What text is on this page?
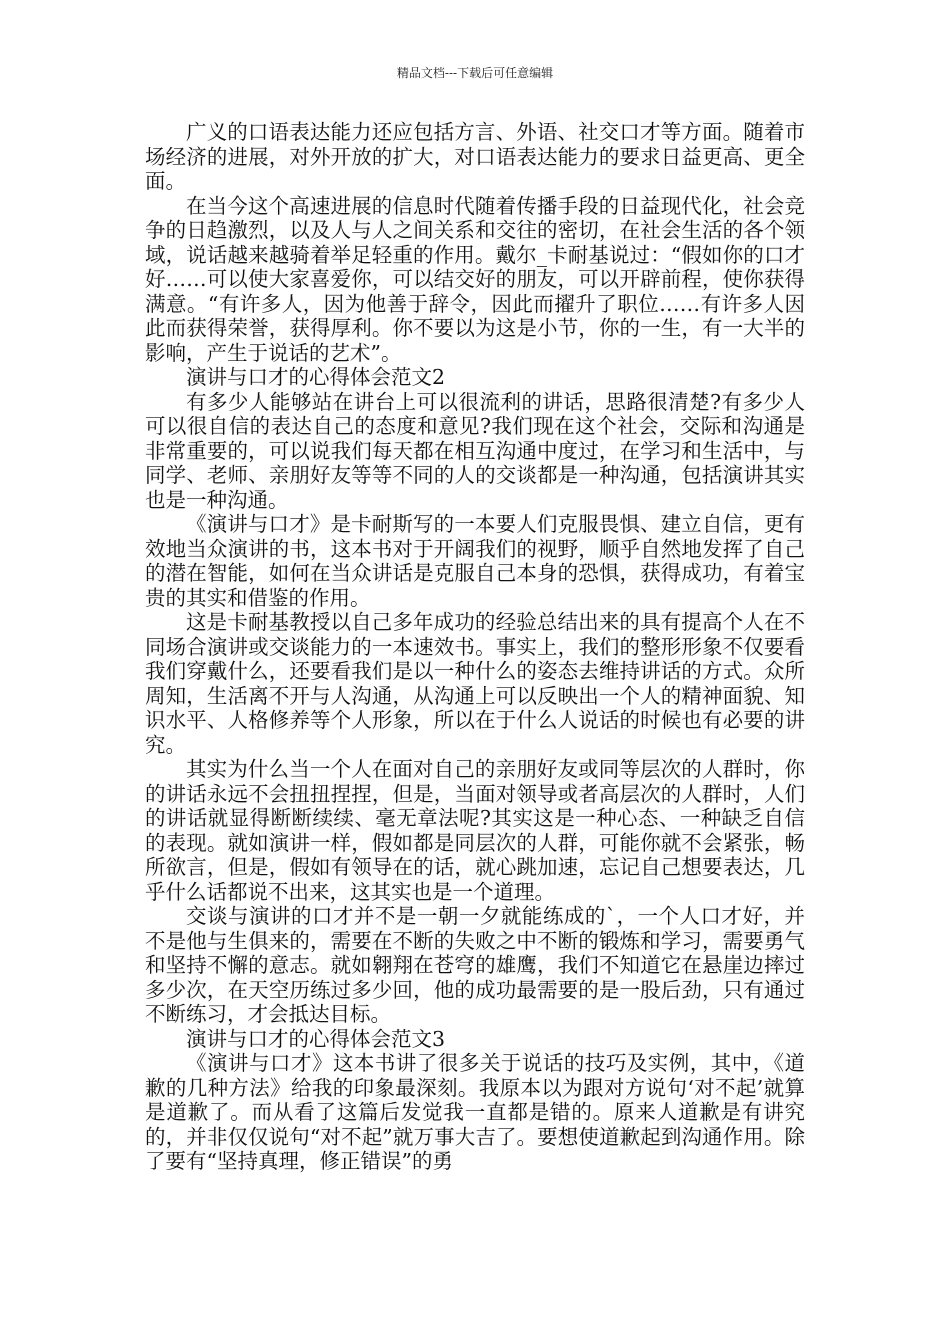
精品文档---下载后可任意编辑

广义的口语表达能力还应包括方言、外语、社交口才等方面。随着市场经济的进展，对外开放的扩大，对口语表达能力的要求日益更高、更全面。

在当今这个高速进展的信息时代随着传播手段的日益现代化，社会竞争的日趋激烈，以及人与人之间关系和交往的密切，在社会生活的各个领域，说话越来越骑着举足轻重的作用。戴尔_卡耐基说过：“假如你的口才好……可以使大家喜爱你，可以结交好的朋友，可以开辟前程，使你获得满意。“有许多人，因为他善于辞令，因此而擢升了职位……有许多人因此而获得荣誉，获得厚利。你不要以为这是小节，你的一生，有一大半的影响，产生于说话的艺术”。

演讲与口才的心得体会范文2

有多少人能够站在讲台上可以很流利的讲话，思路很清楚?有多少人可以很自信的表达自己的态度和意见?我们现在这个社会，交际和沟通是非常重要的，可以说我们每天都在相互沟通中度过，在学习和生活中，与同学、老师、亲朋好友等等不同的人的交谈都是一种沟通，包括演讲其实也是一种沟通。

《演讲与口才》是卡耐斯写的一本要人们克服畏惧、建立自信，更有效地当众演讲的书，这本书对于开阔我们的视野，顺乎自然地发挥了自己的潜在智能，如何在当众讲话是克服自己本身的恐惧，获得成功，有着宝贵的其实和借鉴的作用。

这是卡耐基教授以自己多年成功的经验总结出来的具有提高个人在不同场合演讲或交谈能力的一本速效书。事实上，我们的整形形象不仅要看我们穿戴什么，还要看我们是以一种什么的姿态去维持讲话的方式。众所周知，生活离不开与人沟通，从沟通上可以反映出一个人的精神面貌、知识水平、人格修养等个人形象，所以在于什么人说话的时候也有必要的讲究。

其实为什么当一个人在面对自己的亲朋好友或同等层次的人群时，你的讲话永远不会扭扭捏捏，但是，当面对领导或者高层次的人群时，人们的讲话就显得断断续续、毫无章法呢?其实这是一种心态、一种缺乏自信的表现。就如演讲一样，假如都是同层次的人群，可能你就不会紧张，畅所欲言，但是，假如有领导在的话，就心跳加速，忘记自己想要表达，几乎什么话都说不出来，这其实也是一个道理。

交谈与演讲的口才并不是一朝一夕就能练成的`，一个人口才好，并不是他与生俱来的，需要在不断的失败之中不断的锻炼和学习，需要勇气和坚持不懈的意志。就如翱翔在苍穹的雄鹰，我们不知道它在悬崖边摔过多少次，在天空历练过多少回，他的成功最需要的是一股后劲，只有通过不断练习，才会抵达目标。

演讲与口才的心得体会范文3

《演讲与口才》这本书讲了很多关于说话的技巧及实例，其中，《道歉的几种方法》给我的印象最深刻。我原本以为跟对方说句‘对不起’就算是道歉了。而从看了这篇后发觉我一直都是错的。原来人道歉是有讲究的，并非仅仅说句“对不起”就万事大吉了。要想使道歉起到沟通作用。除了要有“坚持真理，修正错误”的勇
